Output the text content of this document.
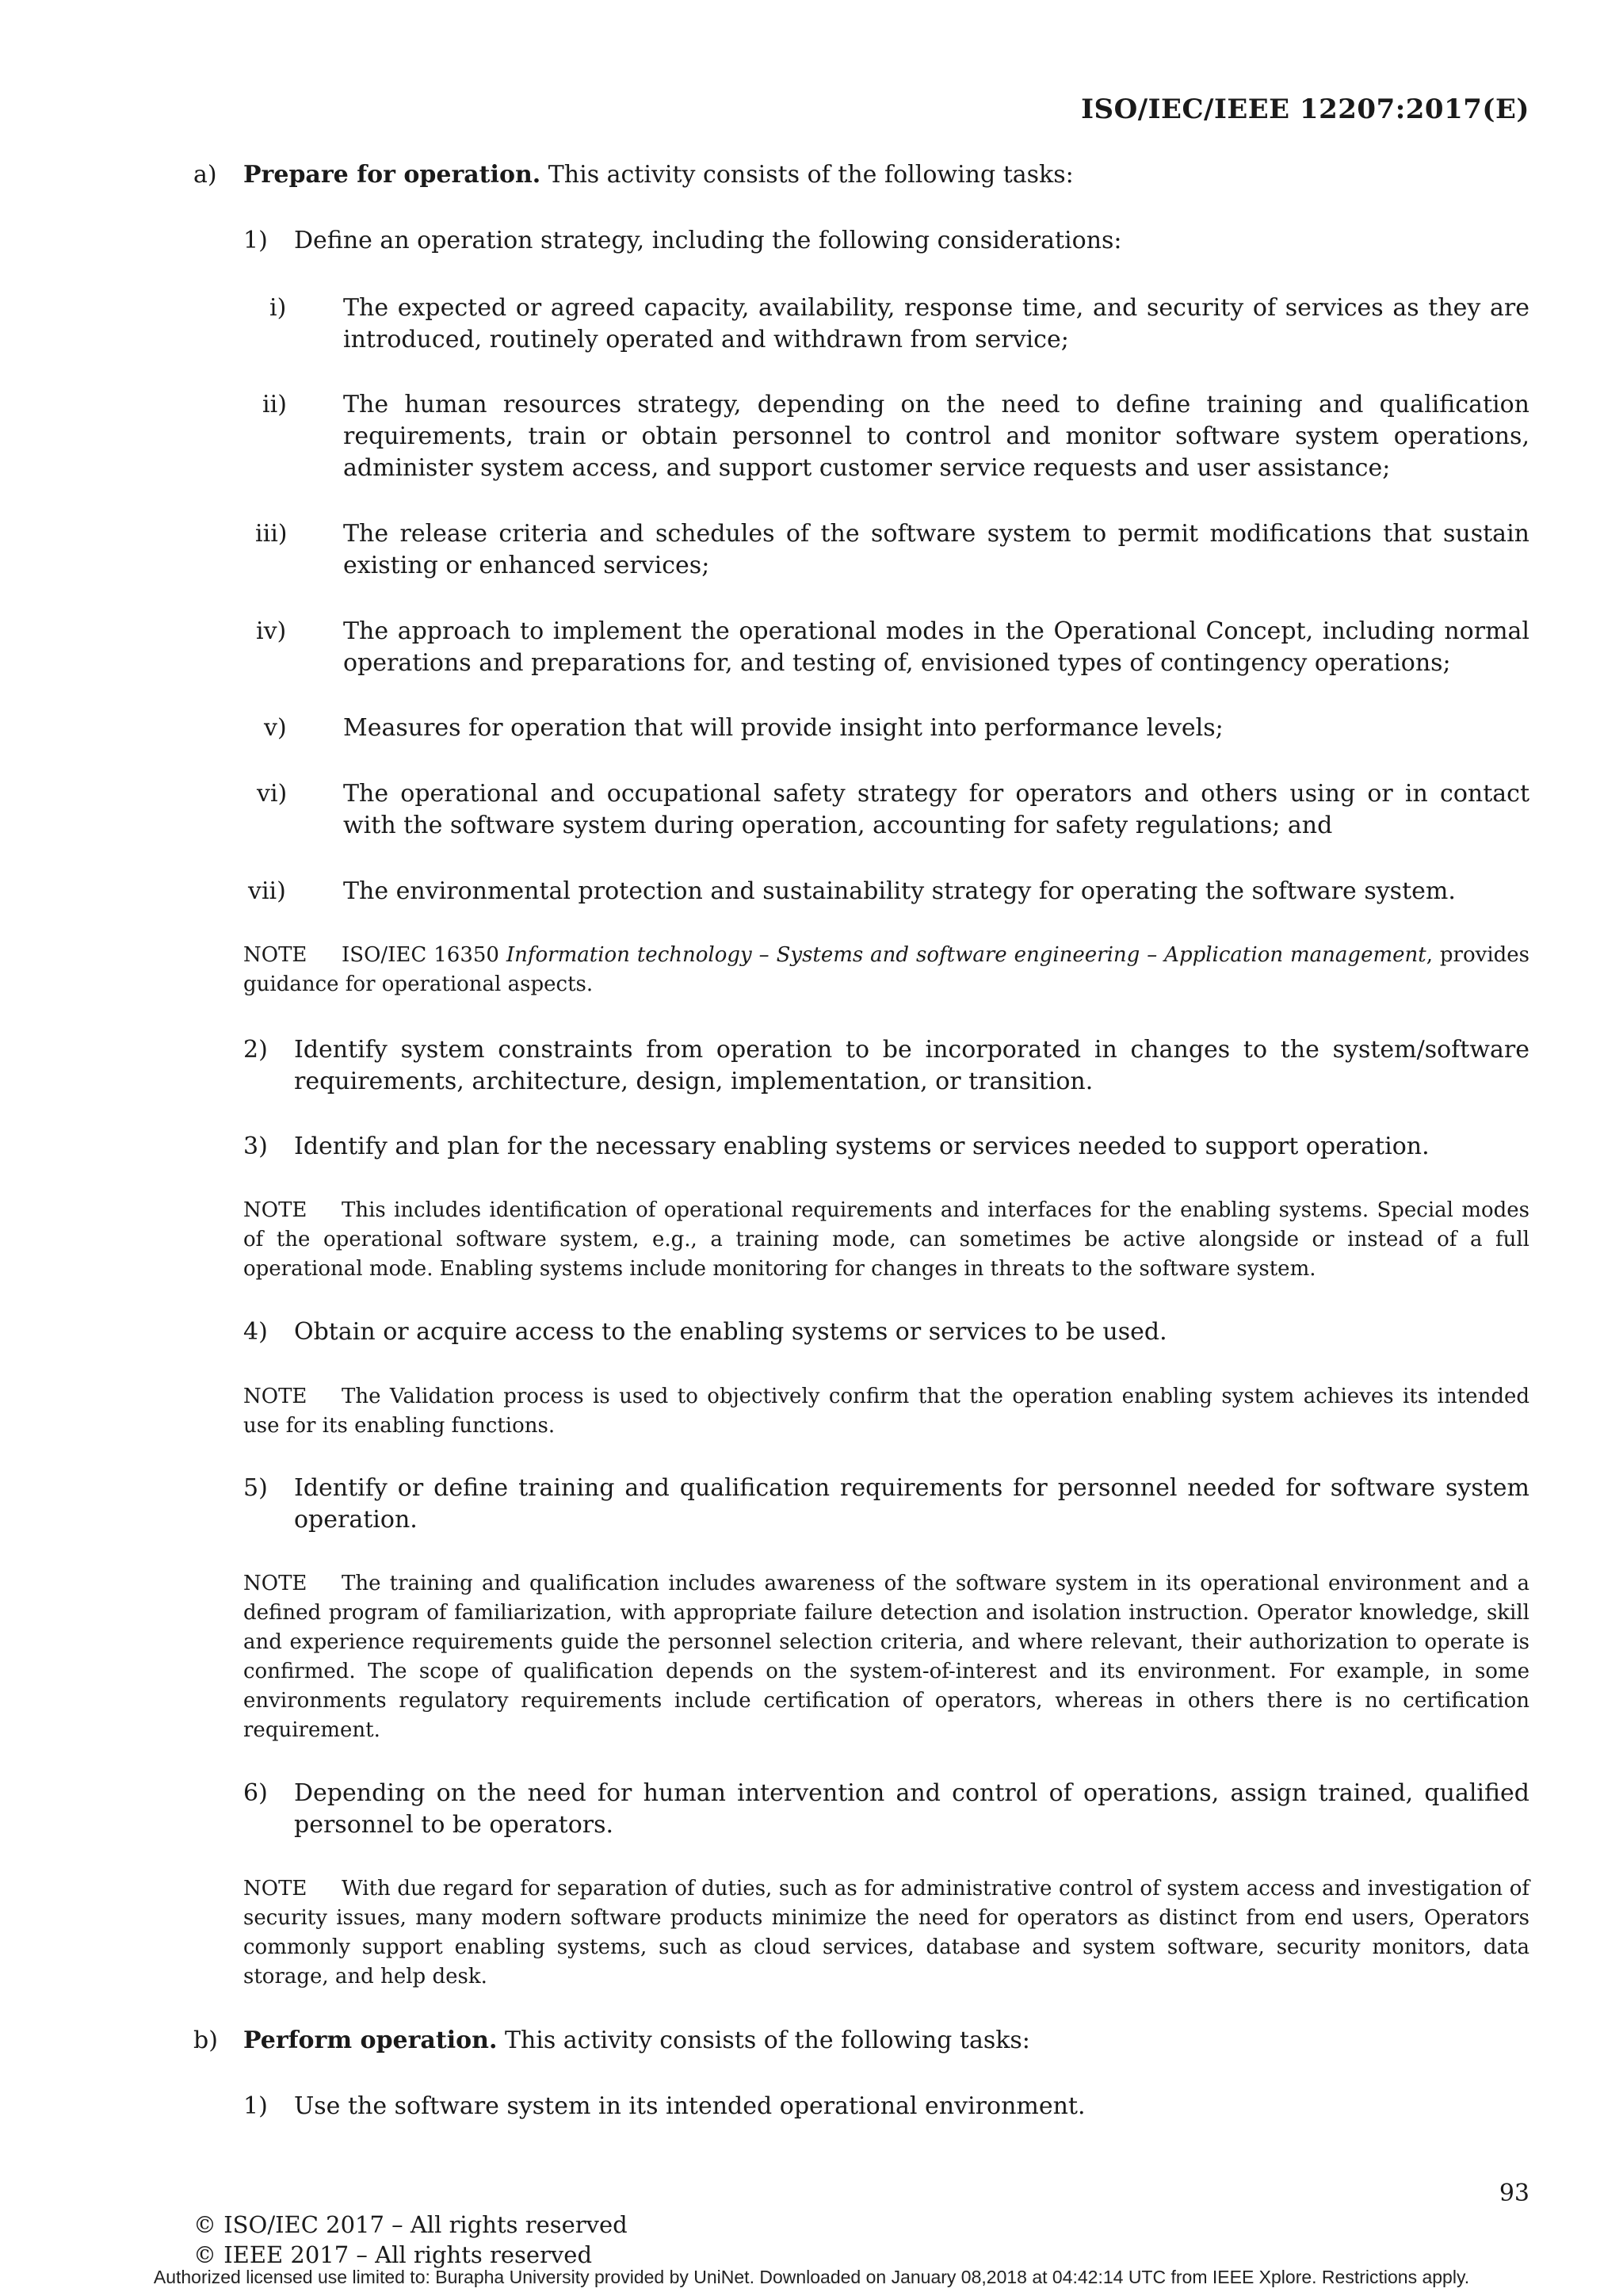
ISO/IEC/IEEE 12207:2017(E)
a) Prepare for operation. This activity consists of the following tasks:
1) Define an operation strategy, including the following considerations:
i) The expected or agreed capacity, availability, response time, and security of services as they are introduced, routinely operated and withdrawn from service;
ii) The human resources strategy, depending on the need to define training and qualification requirements, train or obtain personnel to control and monitor software system operations, administer system access, and support customer service requests and user assistance;
iii) The release criteria and schedules of the software system to permit modifications that sustain existing or enhanced services;
iv) The approach to implement the operational modes in the Operational Concept, including normal operations and preparations for, and testing of, envisioned types of contingency operations;
v) Measures for operation that will provide insight into performance levels;
vi) The operational and occupational safety strategy for operators and others using or in contact with the software system during operation, accounting for safety regulations; and
vii) The environmental protection and sustainability strategy for operating the software system.
NOTE ISO/IEC 16350 Information technology – Systems and software engineering – Application management, provides guidance for operational aspects.
2) Identify system constraints from operation to be incorporated in changes to the system/software requirements, architecture, design, implementation, or transition.
3) Identify and plan for the necessary enabling systems or services needed to support operation.
NOTE This includes identification of operational requirements and interfaces for the enabling systems. Special modes of the operational software system, e.g., a training mode, can sometimes be active alongside or instead of a full operational mode. Enabling systems include monitoring for changes in threats to the software system.
4) Obtain or acquire access to the enabling systems or services to be used.
NOTE The Validation process is used to objectively confirm that the operation enabling system achieves its intended use for its enabling functions.
5) Identify or define training and qualification requirements for personnel needed for software system operation.
NOTE The training and qualification includes awareness of the software system in its operational environment and a defined program of familiarization, with appropriate failure detection and isolation instruction. Operator knowledge, skill and experience requirements guide the personnel selection criteria, and where relevant, their authorization to operate is confirmed. The scope of qualification depends on the system-of-interest and its environment. For example, in some environments regulatory requirements include certification of operators, whereas in others there is no certification requirement.
6) Depending on the need for human intervention and control of operations, assign trained, qualified personnel to be operators.
NOTE With due regard for separation of duties, such as for administrative control of system access and investigation of security issues, many modern software products minimize the need for operators as distinct from end users, Operators commonly support enabling systems, such as cloud services, database and system software, security monitors, data storage, and help desk.
b) Perform operation. This activity consists of the following tasks:
1) Use the software system in its intended operational environment.
93
© ISO/IEC 2017 – All rights reserved
© IEEE 2017 – All rights reserved
Authorized licensed use limited to: Burapha University provided by UniNet. Downloaded on January 08,2018 at 04:42:14 UTC from IEEE Xplore. Restrictions apply.
